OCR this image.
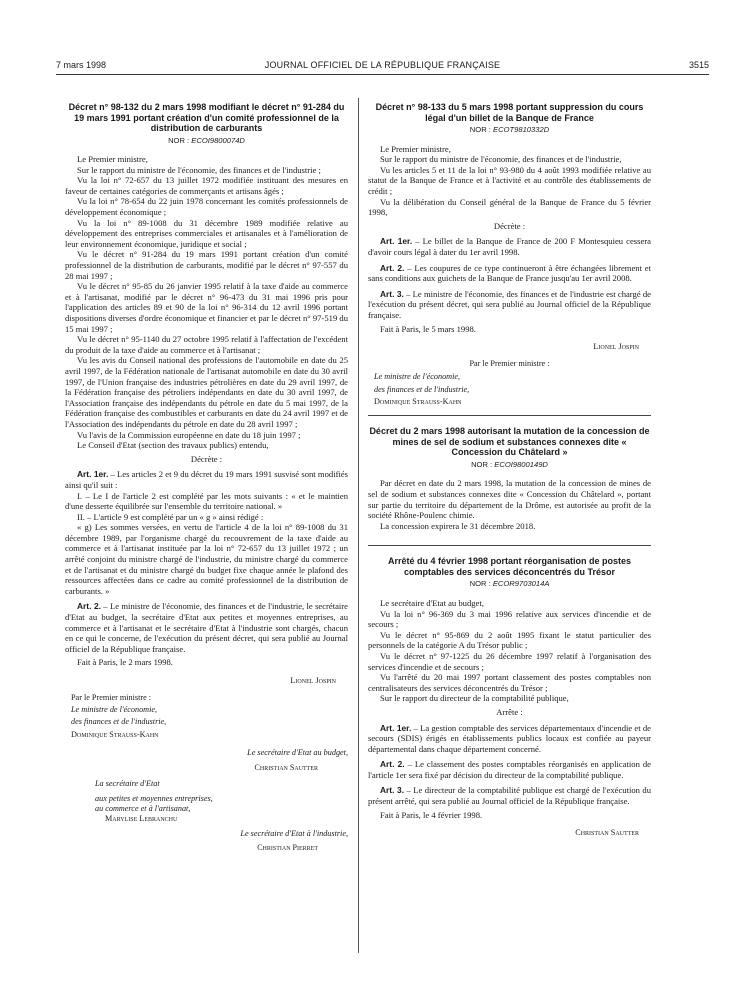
7 mars 1998	JOURNAL OFFICIEL DE LA RÉPUBLIQUE FRANÇAISE	3515
Décret n° 98-132 du 2 mars 1998 modifiant le décret n° 91-284 du 19 mars 1991 portant création d'un comité professionnel de la distribution de carburants
NOR : ECOI9800074D

Le Premier ministre,

Sur le rapport du ministre de l'économie, des finances et de l'industrie ;

Vu la loi n° 72-657 du 13 juillet 1972 modifiée instituant des mesures en faveur de certaines catégories de commerçants et artisans âgés ;

Vu la loi n° 78-654 du 22 juin 1978 concernant les comités professionnels de développement économique ;

Vu la loi n° 89-1008 du 31 décembre 1989 modifiée relative au développement des entreprises commerciales et artisanales et à l'amélioration de leur environnement économique, juridique et social ;

Vu le décret n° 91-284 du 19 mars 1991 portant création d'un comité professionnel de la distribution de carburants, modifié par le décret n° 97-557 du 28 mai 1997 ;

Vu le décret n° 95-85 du 26 janvier 1995 relatif à la taxe d'aide au commerce et à l'artisanat, modifié par le décret n° 96-473 du 31 mai 1996 pris pour l'application des articles 89 et 90 de la loi n° 96-314 du 12 avril 1996 portant dispositions diverses d'ordre économique et financier et par le décret n° 97-519 du 15 mai 1997 ;

Vu le décret n° 95-1140 du 27 octobre 1995 relatif à l'affectation de l'excédent du produit de la taxe d'aide au commerce et à l'artisanat ;

Vu les avis du Conseil national des professions de l'automobile en date du 25 avril 1997, de la Fédération nationale de l'artisanat automobile en date du 30 avril 1997, de l'Union française des industries pétrolières en date du 29 avril 1997, de la Fédération française des pétroliers indépendants en date du 30 avril 1997, de l'Association française des indépendants du pétrole en date du 5 mai 1997, de la Fédération française des combustibles et carburants en date du 24 avril 1997 et de l'Association des indépendants du pétrole en date du 28 avril 1997 ;

Vu l'avis de la Commission européenne en date du 18 juin 1997 ;

Le Conseil d'Etat (section des travaux publics) entendu,

Décrète :

Art. 1er. – Les articles 2 et 9 du décret du 19 mars 1991 susvisé sont modifiés ainsi qu'il suit :

I. – Le I de l'article 2 est complété par les mots suivants : « et le maintien d'une desserte équilibrée sur l'ensemble du territoire national. »

II. – L'article 9 est complété par un « g » ainsi rédigé :

« g) Les sommes versées, en vertu de l'article 4 de la loi n° 89-1008 du 31 décembre 1989, par l'organisme chargé du recouvrement de la taxe d'aide au commerce et à l'artisanat instituée par la loi n° 72-657 du 13 juillet 1972 ; un arrêté conjoint du ministre chargé de l'industrie, du ministre chargé du commerce et de l'artisanat et du ministre chargé du budget fixe chaque année le plafond des ressources affectées dans ce cadre au comité professionnel de la distribution de carburants. »

Art. 2. – Le ministre de l'économie, des finances et de l'industrie, le secrétaire d'Etat au budget, la secrétaire d'Etat aux petites et moyennes entreprises, au commerce et à l'artisanat et le secrétaire d'Etat à l'industrie sont chargés, chacun en ce qui le concerne, de l'exécution du présent décret, qui sera publié au Journal officiel de la République française.

Fait à Paris, le 2 mars 1998.

Lionel Jospin
Par le Premier ministre :
Le ministre de l'économie,
des finances et de l'industrie,
Dominique Strauss-Kahn
Le secrétaire d'Etat au budget,
Christian Sautter
La secrétaire d'Etat
aux petites et moyennes entreprises,
au commerce et à l'artisanat,
Marylise Lebranchu
Le secrétaire d'Etat à l'industrie,
Christian Pierret
Décret n° 98-133 du 5 mars 1998 portant suppression du cours légal d'un billet de la Banque de France
NOR : ECOT9810332D

Le Premier ministre,

Sur le rapport du ministre de l'économie, des finances et de l'industrie,

Vu les articles 5 et 11 de la loi n° 93-980 du 4 août 1993 modifiée relative au statut de la Banque de France et à l'activité et au contrôle des établissements de crédit ;

Vu la délibération du Conseil général de la Banque de France du 5 février 1998,

Décrète :

Art. 1er. – Le billet de la Banque de France de 200 F Montesquieu cessera d'avoir cours légal à dater du 1er avril 1998.

Art. 2. – Les coupures de ce type continueront à être échangées librement et sans conditions aux guichets de la Banque de France jusqu'au 1er avril 2008.

Art. 3. – Le ministre de l'économie, des finances et de l'industrie est chargé de l'exécution du présent décret, qui sera publié au Journal officiel de la République française.

Fait à Paris, le 5 mars 1998.

Lionel Jospin
Par le Premier ministre :
Le ministre de l'économie,
des finances et de l'industrie,
Dominique Strauss-Kahn
Décret du 2 mars 1998 autorisant la mutation de la concession de mines de sel de sodium et substances connexes dite « Concession du Châtelard »
NOR : ECOI9800149D

Par décret en date du 2 mars 1998, la mutation de la concession de mines de sel de sodium et substances connexes dite « Concession du Châtelard », portant sur partie du territoire du département de la Drôme, est autorisée au profit de la société Rhône-Poulenc chimie.

La concession expirera le 31 décembre 2018.

Arrêté du 4 février 1998 portant réorganisation de postes comptables des services déconcentrés du Trésor
NOR : ECOR9703014A

Le secrétaire d'Etat au budget,

Vu la loi n° 96-369 du 3 mai 1996 relative aux services d'incendie et de secours ;

Vu le décret n° 95-869 du 2 août 1995 fixant le statut particulier des personnels de la catégorie A du Trésor public ;

Vu le décret n° 97-1225 du 26 décembre 1997 relatif à l'organisation des services d'incendie et de secours ;

Vu l'arrêté du 20 mai 1997 portant classement des postes comptables non centralisateurs des services déconcentrés du Trésor ;

Sur le rapport du directeur de la comptabilité publique,

Arrête :

Art. 1er. – La gestion comptable des services départementaux d'incendie et de secours (SDIS) érigés en établissements publics locaux est confiée au payeur départemental dans chaque département concerné.

Art. 2. – Le classement des postes comptables réorganisés en application de l'article 1er sera fixé par décision du directeur de la comptabilité publique.

Art. 3. – Le directeur de la comptabilité publique est chargé de l'exécution du présent arrêté, qui sera publié au Journal officiel de la République française.

Fait à Paris, le 4 février 1998.

Christian Sautter
